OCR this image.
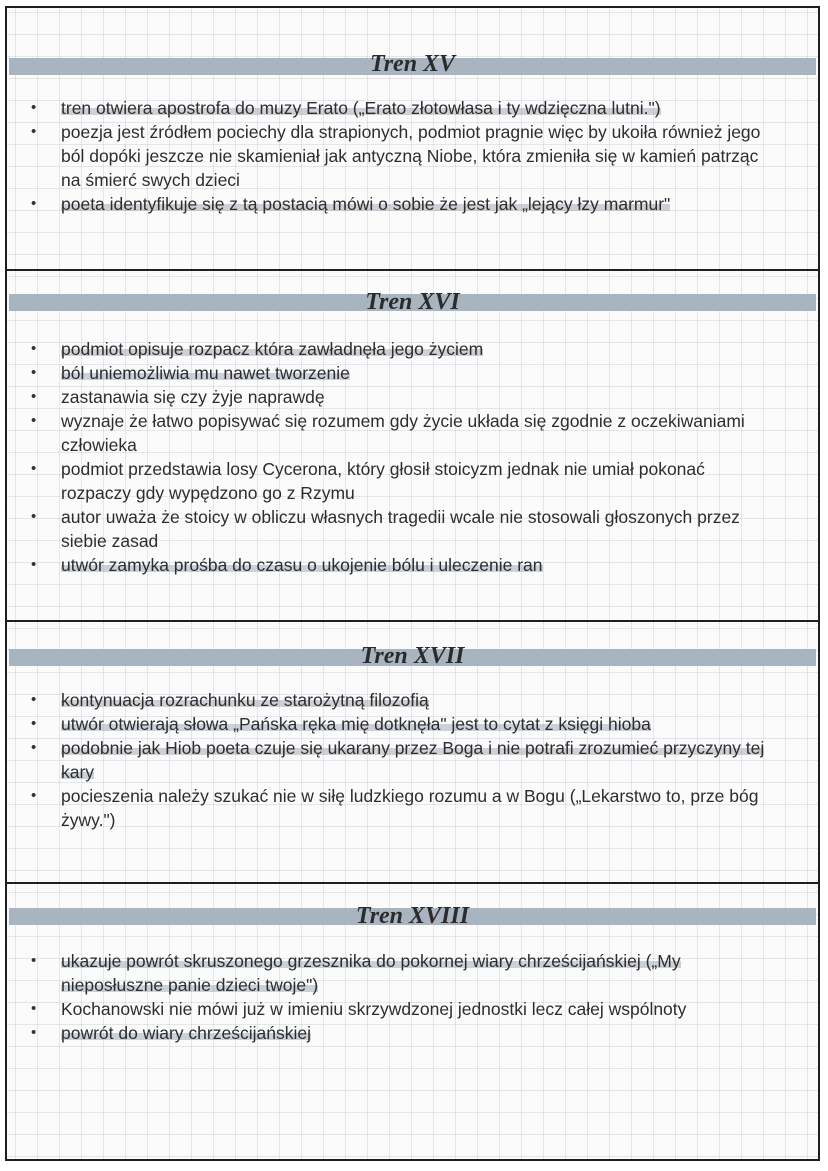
Tren XV
• tren otwiera apostrofa do muzy Erato („Erato złotowłasa i ty wdzięczna lutni.")
• poezja jest źródłem pociechy dla strapionych, podmiot pragnie więc by ukoiła również jego ból dopóki jeszcze nie skamieniał jak antyczną Niobe, która zmieniła się w kamień patrząc na śmierć swych dzieci
• poeta identyfikuje się z tą postacią mówi o sobie że jest jak „lejący łzy marmur"
Tren XVI
• podmiot opisuje rozpacz która zawładnęła jego życiem
• ból uniemożliwia mu nawet tworzenie
• zastanawia się czy żyje naprawdę
• wyznaje że łatwo popisywać się rozumem gdy życie układa się zgodnie z oczekiwaniami człowieka
• podmiot przedstawia losy Cycerona, który głosił stoicyzm jednak nie umiał pokonać rozpaczy gdy wypędzono go z Rzymu
• autor uważa że stoicy w obliczu własnych tragedii wcale nie stosowali głoszonych przez siebie zasad
• utwór zamyka prośba do czasu o ukojenie bólu i uleczenie ran
Tren XVII
• kontynuacja rozrachunku ze starożytną filozofią
• utwór otwierają słowa „Pańska ręka mię dotknęła" jest to cytat z księgi hioba
• podobnie jak Hiob poeta czuje się ukarany przez Boga i nie potrafi zrozumieć przyczyny tej kary
• pocieszenia należy szukać nie w siłę ludzkiego rozumu a w Bogu („Lekarstwo to, prze bóg żywy.")
Tren XVIII
• ukazuje powrót skruszonego grzesznika do pokornej wiary chrześcijańskiej („My nieposłuszne panie dzieci twoje")
• Kochanowski nie mówi już w imieniu skrzywdzonej jednostki lecz całej wspólnoty
• powrót do wiary chrześcijańskiej
